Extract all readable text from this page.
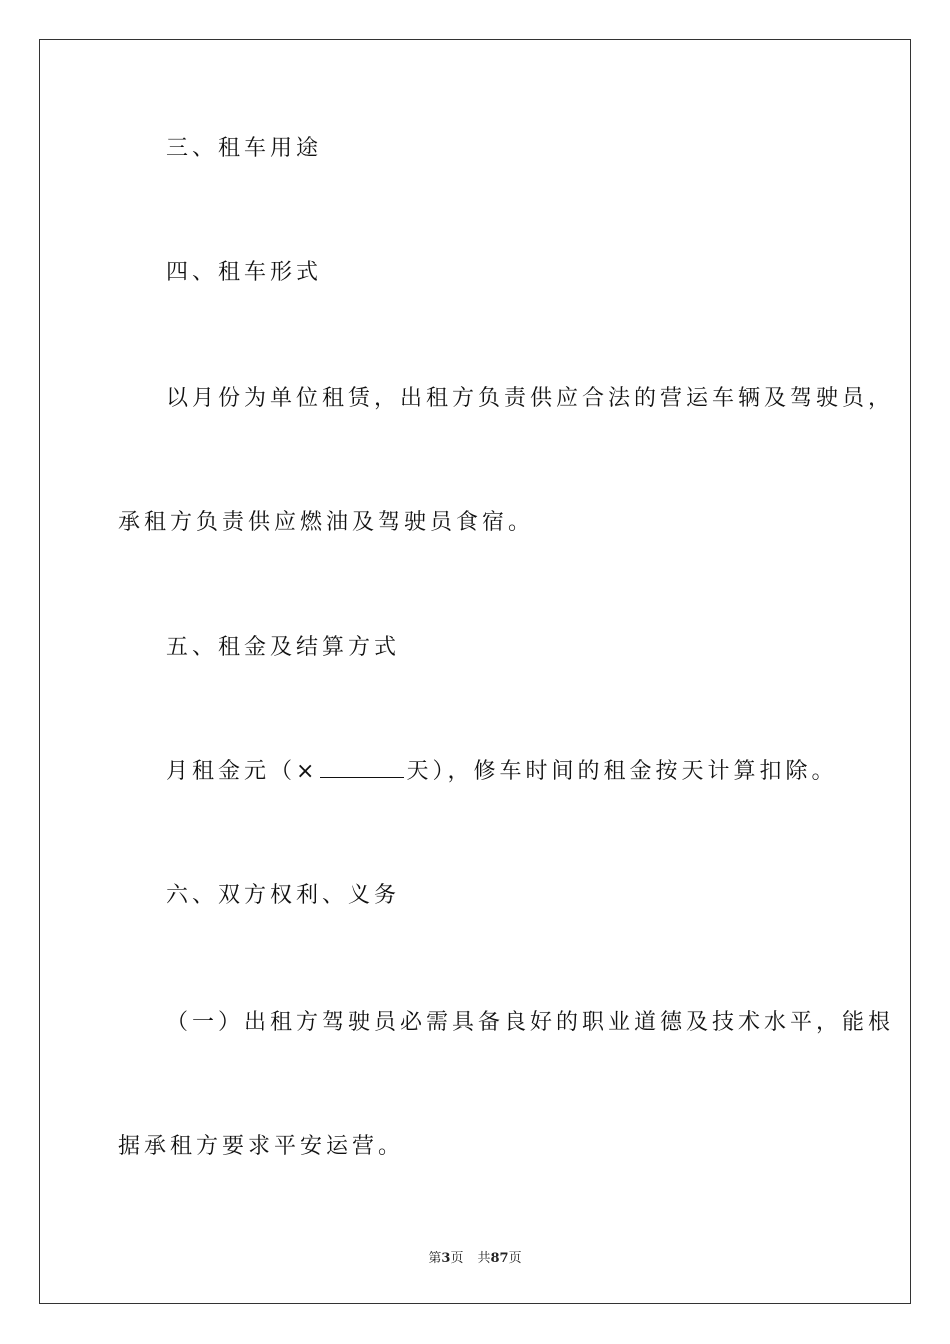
三、租车用途
四、租车形式
以月份为单位租赁，出租方负责供应合法的营运车辆及驾驶员，
承租方负责供应燃油及驾驶员食宿。
五、租金及结算方式
月租金元（×	天），修车时间的租金按天计算扣除。
六、双方权利、义务
（一）出租方驾驶员必需具备良好的职业道德及技术水平，能根
据承租方要求平安运营。
第3页 共87页
